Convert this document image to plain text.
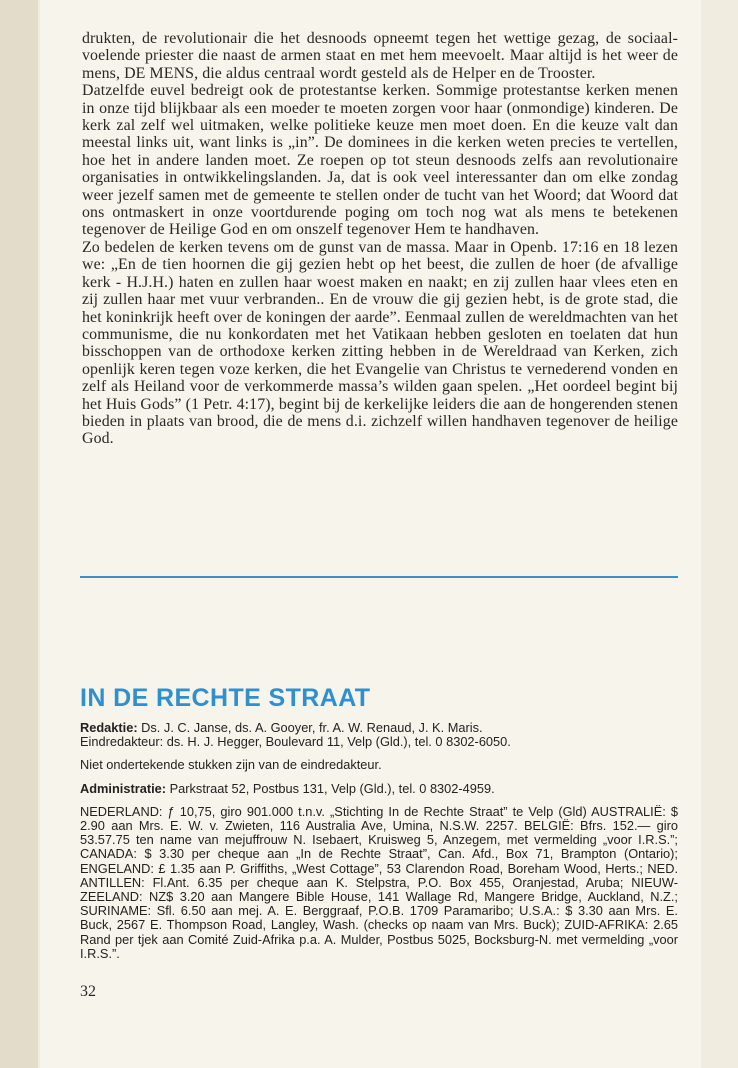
drukten, de revolutionair die het desnoods opneemt tegen het wettige gezag, de sociaal-voelende priester die naast de armen staat en met hem meevoelt. Maar altijd is het weer de mens, DE MENS, die aldus centraal wordt gesteld als de Helper en de Trooster.

Datzelfde euvel bedreigt ook de protestantse kerken. Sommige protestantse kerken menen in onze tijd blijkbaar als een moeder te moeten zorgen voor haar (onmondige) kinderen. De kerk zal zelf wel uitmaken, welke politieke keuze men moet doen. En die keuze valt dan meestal links uit, want links is „in”. De dominees in die kerken weten precies te vertellen, hoe het in andere landen moet. Ze roepen op tot steun desnoods zelfs aan revolutionaire organisaties in ontwikkelingslanden. Ja, dat is ook veel interessanter dan om elke zondag weer jezelf samen met de gemeente te stellen onder de tucht van het Woord; dat Woord dat ons ontmaskert in onze voortdurende poging om toch nog wat als mens te betekenen tegenover de Heilige God en om onszelf tegenover Hem te handhaven.

Zo bedelen de kerken tevens om de gunst van de massa. Maar in Openb. 17:16 en 18 lezen we: „En de tien hoornen die gij gezien hebt op het beest, die zullen de hoer (de afvallige kerk - H.J.H.) haten en zullen haar woest maken en naakt; en zij zullen haar vlees eten en zij zullen haar met vuur verbranden.. En de vrouw die gij gezien hebt, is de grote stad, die het koninkrijk heeft over de koningen der aarde”. Eenmaal zullen de wereldmachten van het communisme, die nu konkordaten met het Vatikaan hebben gesloten en toelaten dat hun bisschoppen van de orthodoxe kerken zitting hebben in de Wereldraad van Kerken, zich openlijk keren tegen voze kerken, die het Evangelie van Christus te vernederend vonden en zelf als Heiland voor de verkommerde massa’s wilden gaan spelen. „Het oordeel begint bij het Huis Gods” (1 Petr. 4:17), begint bij de kerkelijke leiders die aan de hongerenden stenen bieden in plaats van brood, die de mens d.i. zichzelf willen handhaven tegenover de heilige God.

IN DE RECHTE STRAAT

Redaktie: Ds. J. C. Janse, ds. A. Gooyer, fr. A. W. Renaud, J. K. Maris.
Eindredakteur: ds. H. J. Hegger, Boulevard 11, Velp (Gld.), tel. 0 8302-6050.

Niet ondertekende stukken zijn van de eindredakteur.

Administratie: Parkstraat 52, Postbus 131, Velp (Gld.), tel. 0 8302-4959.

NEDERLAND: ƒ 10,75, giro 901.000 t.n.v. „Stichting In de Rechte Straat” te Velp (Gld) AUSTRALIË: $ 2.90 aan Mrs. E. W. v. Zwieten, 116 Australia Ave, Umina, N.S.W. 2257. BELGIË: Bfrs. 152.— giro 53.57.75 ten name van mejuffrouw N. Isebaert, Kruisweg 5, Anzegem, met vermelding „voor I.R.S.”; CANADA: $ 3.30 per cheque aan „In de Rechte Straat”, Can. Afd., Box 71, Brampton (Ontario); ENGELAND: £ 1.35 aan P. Griffiths, „West Cottage”, 53 Clarendon Road, Boreham Wood, Herts.; NED. ANTILLEN: Fl.Ant. 6.35 per cheque aan K. Stelpstra, P.O. Box 455, Oranjestad, Aruba; NIEUW-ZEELAND: NZ$ 3.20 aan Mangere Bible House, 141 Wallage Rd, Mangere Bridge, Auckland, N.Z.; SURINAME: Sfl. 6.50 aan mej. A. E. Berggraaf, P.O.B. 1709 Paramaribo; U.S.A.: $ 3.30 aan Mrs. E. Buck, 2567 E. Thompson Road, Langley, Wash. (checks op naam van Mrs. Buck); ZUID-AFRIKA: 2.65 Rand per tjek aan Comité Zuid-Afrika p.a. A. Mulder, Postbus 5025, Bocksburg-N. met vermelding „voor I.R.S.”.

32
